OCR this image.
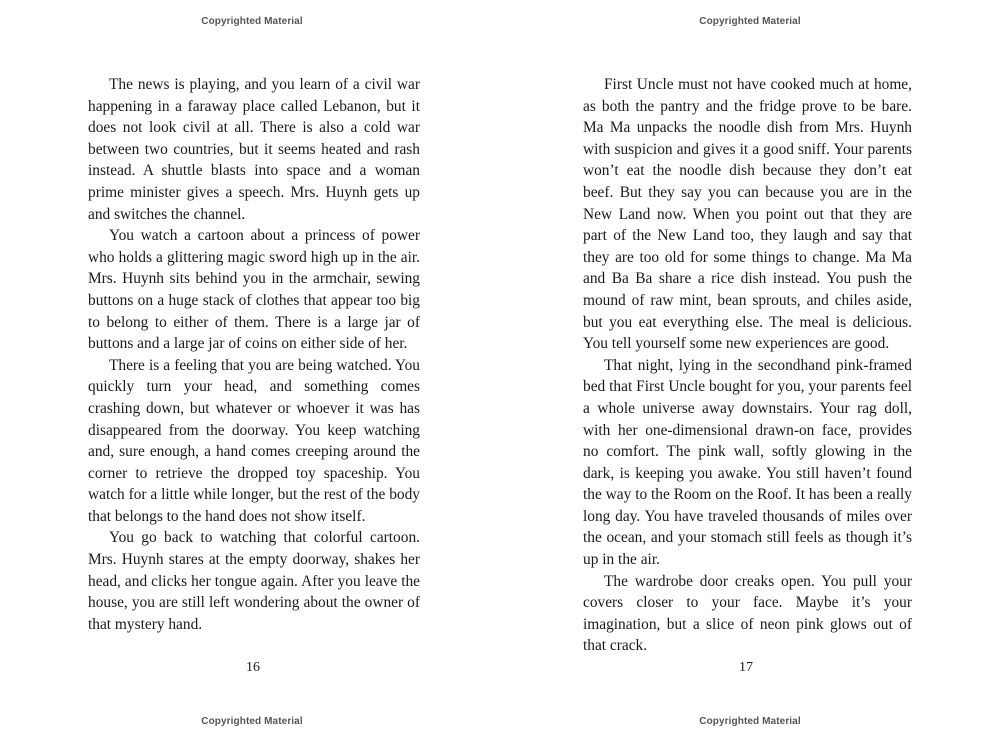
Copyrighted Material

The news is playing, and you learn of a civil war happening in a faraway place called Lebanon, but it does not look civil at all. There is also a cold war between two countries, but it seems heated and rash instead. A shuttle blasts into space and a woman prime minister gives a speech. Mrs. Huynh gets up and switches the channel.

You watch a cartoon about a princess of power who holds a glittering magic sword high up in the air. Mrs. Huynh sits behind you in the armchair, sewing buttons on a huge stack of clothes that appear too big to belong to either of them. There is a large jar of buttons and a large jar of coins on either side of her.

There is a feeling that you are being watched. You quickly turn your head, and something comes crashing down, but whatever or whoever it was has disappeared from the doorway. You keep watching and, sure enough, a hand comes creeping around the corner to retrieve the dropped toy spaceship. You watch for a little while longer, but the rest of the body that belongs to the hand does not show itself.

You go back to watching that colorful cartoon. Mrs. Huynh stares at the empty doorway, shakes her head, and clicks her tongue again. After you leave the house, you are still left wondering about the owner of that mystery hand.

16
Copyrighted Material
Copyrighted Material

First Uncle must not have cooked much at home, as both the pantry and the fridge prove to be bare. Ma Ma unpacks the noodle dish from Mrs. Huynh with suspicion and gives it a good sniff. Your parents won’t eat the noodle dish because they don’t eat beef. But they say you can because you are in the New Land now. When you point out that they are part of the New Land too, they laugh and say that they are too old for some things to change. Ma Ma and Ba Ba share a rice dish instead. You push the mound of raw mint, bean sprouts, and chiles aside, but you eat everything else. The meal is delicious. You tell yourself some new experiences are good.

That night, lying in the secondhand pink-framed bed that First Uncle bought for you, your parents feel a whole universe away downstairs. Your rag doll, with her one-dimensional drawn-on face, provides no comfort. The pink wall, softly glowing in the dark, is keeping you awake. You still haven’t found the way to the Room on the Roof. It has been a really long day. You have traveled thousands of miles over the ocean, and your stomach still feels as though it’s up in the air.

The wardrobe door creaks open. You pull your covers closer to your face. Maybe it’s your imagination, but a slice of neon pink glows out of that crack.

17
Copyrighted Material
